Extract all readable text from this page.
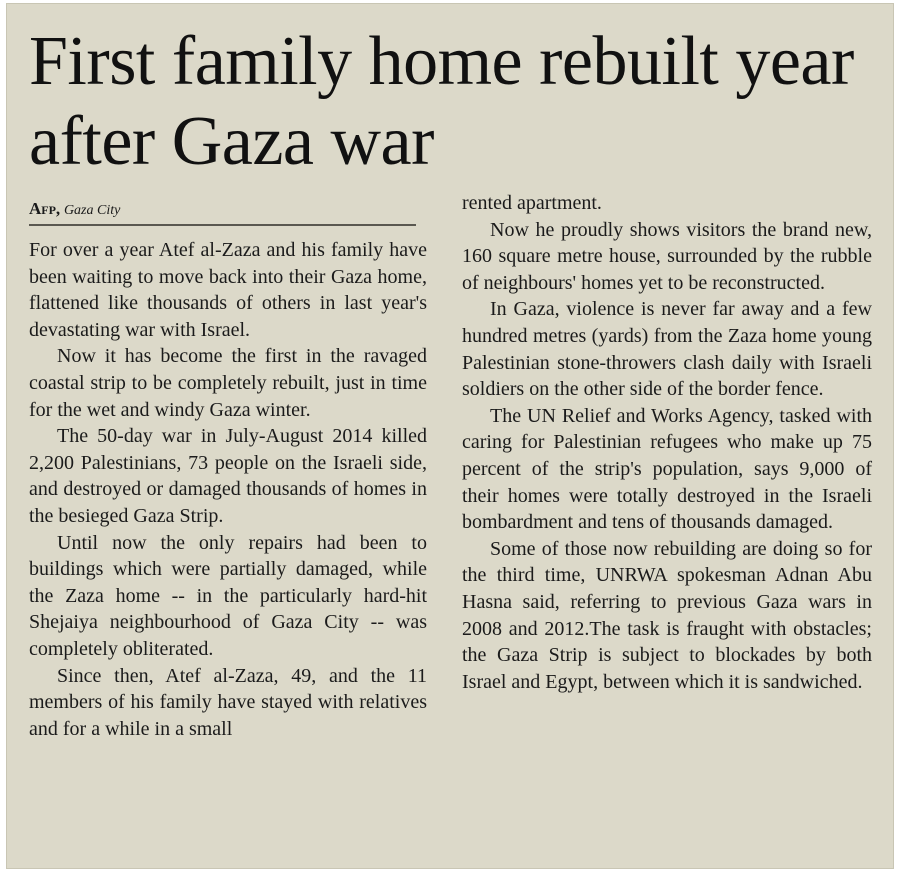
First family home rebuilt year after Gaza war
Afp, Gaza City

For over a year Atef al-Zaza and his family have been waiting to move back into their Gaza home, flattened like thousands of others in last year's devastating war with Israel.

Now it has become the first in the ravaged coastal strip to be completely rebuilt, just in time for the wet and windy Gaza winter.

The 50-day war in July-August 2014 killed 2,200 Palestinians, 73 people on the Israeli side, and destroyed or damaged thousands of homes in the besieged Gaza Strip.

Until now the only repairs had been to buildings which were partially damaged, while the Zaza home -- in the particularly hard-hit Shejaiya neighbourhood of Gaza City -- was completely obliterated.

Since then, Atef al-Zaza, 49, and the 11 members of his family have stayed with relatives and for a while in a small

rented apartment.

Now he proudly shows visitors the brand new, 160 square metre house, surrounded by the rubble of neighbours' homes yet to be reconstructed.

In Gaza, violence is never far away and a few hundred metres (yards) from the Zaza home young Palestinian stone-throwers clash daily with Israeli soldiers on the other side of the border fence.

The UN Relief and Works Agency, tasked with caring for Palestinian refugees who make up 75 percent of the strip's population, says 9,000 of their homes were totally destroyed in the Israeli bombardment and tens of thousands damaged.

Some of those now rebuilding are doing so for the third time, UNRWA spokesman Adnan Abu Hasna said, referring to previous Gaza wars in 2008 and 2012.The task is fraught with obstacles; the Gaza Strip is subject to blockades by both Israel and Egypt, between which it is sandwiched.
